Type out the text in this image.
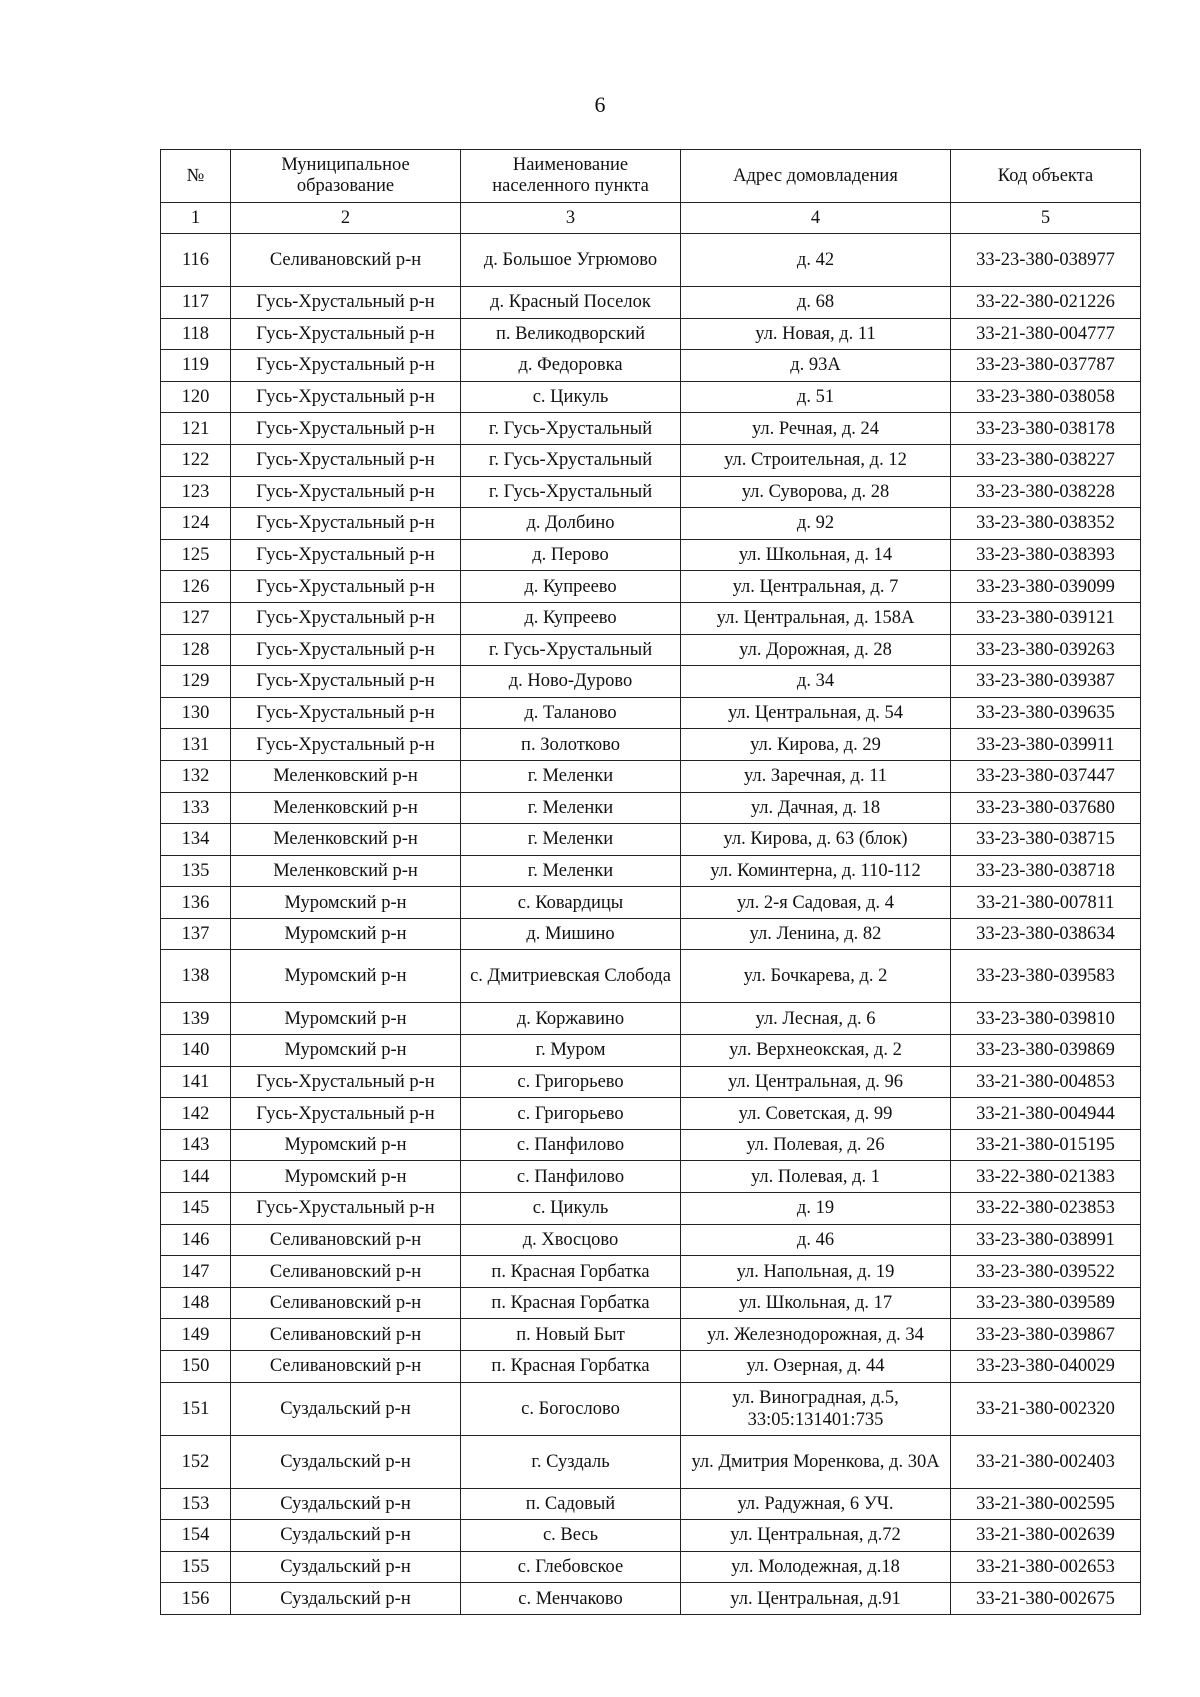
6
№	Муниципальное образование	Наименование населенного пункта	Адрес домовладения	Код объекта
1	2	3	4	5
116	Селивановский р-н	д. Большое Угрюмово	д. 42	33-23-380-038977
117	Гусь-Хрустальный р-н	д. Красный Поселок	д. 68	33-22-380-021226
118	Гусь-Хрустальный р-н	п. Великодворский	ул. Новая, д. 11	33-21-380-004777
119	Гусь-Хрустальный р-н	д. Федоровка	д. 93А	33-23-380-037787
120	Гусь-Хрустальный р-н	с. Цикуль	д. 51	33-23-380-038058
121	Гусь-Хрустальный р-н	г. Гусь-Хрустальный	ул. Речная, д. 24	33-23-380-038178
122	Гусь-Хрустальный р-н	г. Гусь-Хрустальный	ул. Строительная, д. 12	33-23-380-038227
123	Гусь-Хрустальный р-н	г. Гусь-Хрустальный	ул. Суворова, д. 28	33-23-380-038228
124	Гусь-Хрустальный р-н	д. Долбино	д. 92	33-23-380-038352
125	Гусь-Хрустальный р-н	д. Перово	ул. Школьная, д. 14	33-23-380-038393
126	Гусь-Хрустальный р-н	д. Купреево	ул. Центральная, д. 7	33-23-380-039099
127	Гусь-Хрустальный р-н	д. Купреево	ул. Центральная, д. 158А	33-23-380-039121
128	Гусь-Хрустальный р-н	г. Гусь-Хрустальный	ул. Дорожная, д. 28	33-23-380-039263
129	Гусь-Хрустальный р-н	д. Ново-Дурово	д. 34	33-23-380-039387
130	Гусь-Хрустальный р-н	д. Таланово	ул. Центральная, д. 54	33-23-380-039635
131	Гусь-Хрустальный р-н	п. Золотково	ул. Кирова, д. 29	33-23-380-039911
132	Меленковский р-н	г. Меленки	ул. Заречная, д. 11	33-23-380-037447
133	Меленковский р-н	г. Меленки	ул. Дачная, д. 18	33-23-380-037680
134	Меленковский р-н	г. Меленки	ул. Кирова, д. 63 (блок)	33-23-380-038715
135	Меленковский р-н	г. Меленки	ул. Коминтерна, д. 110-112	33-23-380-038718
136	Муромский р-н	с. Ковардицы	ул. 2-я Садовая, д. 4	33-21-380-007811
137	Муромский р-н	д. Мишино	ул. Ленина, д. 82	33-23-380-038634
138	Муромский р-н	с. Дмитриевская Слобода	ул. Бочкарева, д. 2	33-23-380-039583
139	Муромский р-н	д. Коржавино	ул. Лесная, д. 6	33-23-380-039810
140	Муромский р-н	г. Муром	ул. Верхнеокская, д. 2	33-23-380-039869
141	Гусь-Хрустальный р-н	с. Григорьево	ул. Центральная, д. 96	33-21-380-004853
142	Гусь-Хрустальный р-н	с. Григорьево	ул. Советская, д. 99	33-21-380-004944
143	Муромский р-н	с. Панфилово	ул. Полевая, д. 26	33-21-380-015195
144	Муромский р-н	с. Панфилово	ул. Полевая, д. 1	33-22-380-021383
145	Гусь-Хрустальный р-н	с. Цикуль	д. 19	33-22-380-023853
146	Селивановский р-н	д. Хвосцово	д. 46	33-23-380-038991
147	Селивановский р-н	п. Красная Горбатка	ул. Напольная, д. 19	33-23-380-039522
148	Селивановский р-н	п. Красная Горбатка	ул. Школьная, д. 17	33-23-380-039589
149	Селивановский р-н	п. Новый Быт	ул. Железнодорожная, д. 34	33-23-380-039867
150	Селивановский р-н	п. Красная Горбатка	ул. Озерная, д. 44	33-23-380-040029
151	Суздальский р-н	с. Богослово	ул. Виноградная, д.5, 33:05:131401:735	33-21-380-002320
152	Суздальский р-н	г. Суздаль	ул. Дмитрия Моренкова, д. 30А	33-21-380-002403
153	Суздальский р-н	п. Садовый	ул. Радужная, 6 УЧ.	33-21-380-002595
154	Суздальский р-н	с. Весь	ул. Центральная, д.72	33-21-380-002639
155	Суздальский р-н	с. Глебовское	ул. Молодежная, д.18	33-21-380-002653
156	Суздальский р-н	с. Менчаково	ул. Центральная, д.91	33-21-380-002675
